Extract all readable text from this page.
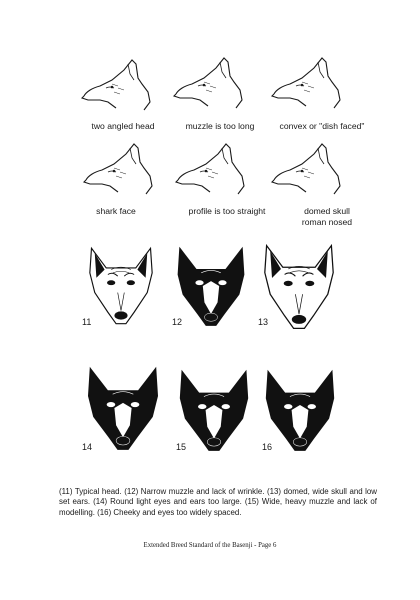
two angled head	muzzle is too long	convex or "dish faced"
shark face	profile is too straight	domed skull
roman nosed
11	12	13
14	15	16
(11) Typical head. (12) Narrow muzzle and lack of wrinkle. (13) domed, wide skull and low set ears. (14) Round light eyes and ears too large. (15) Wide, heavy muzzle and lack of modelling. (16) Cheeky and eyes too widely spaced.
Extended Breed Standard of the Basenji - Page 6
